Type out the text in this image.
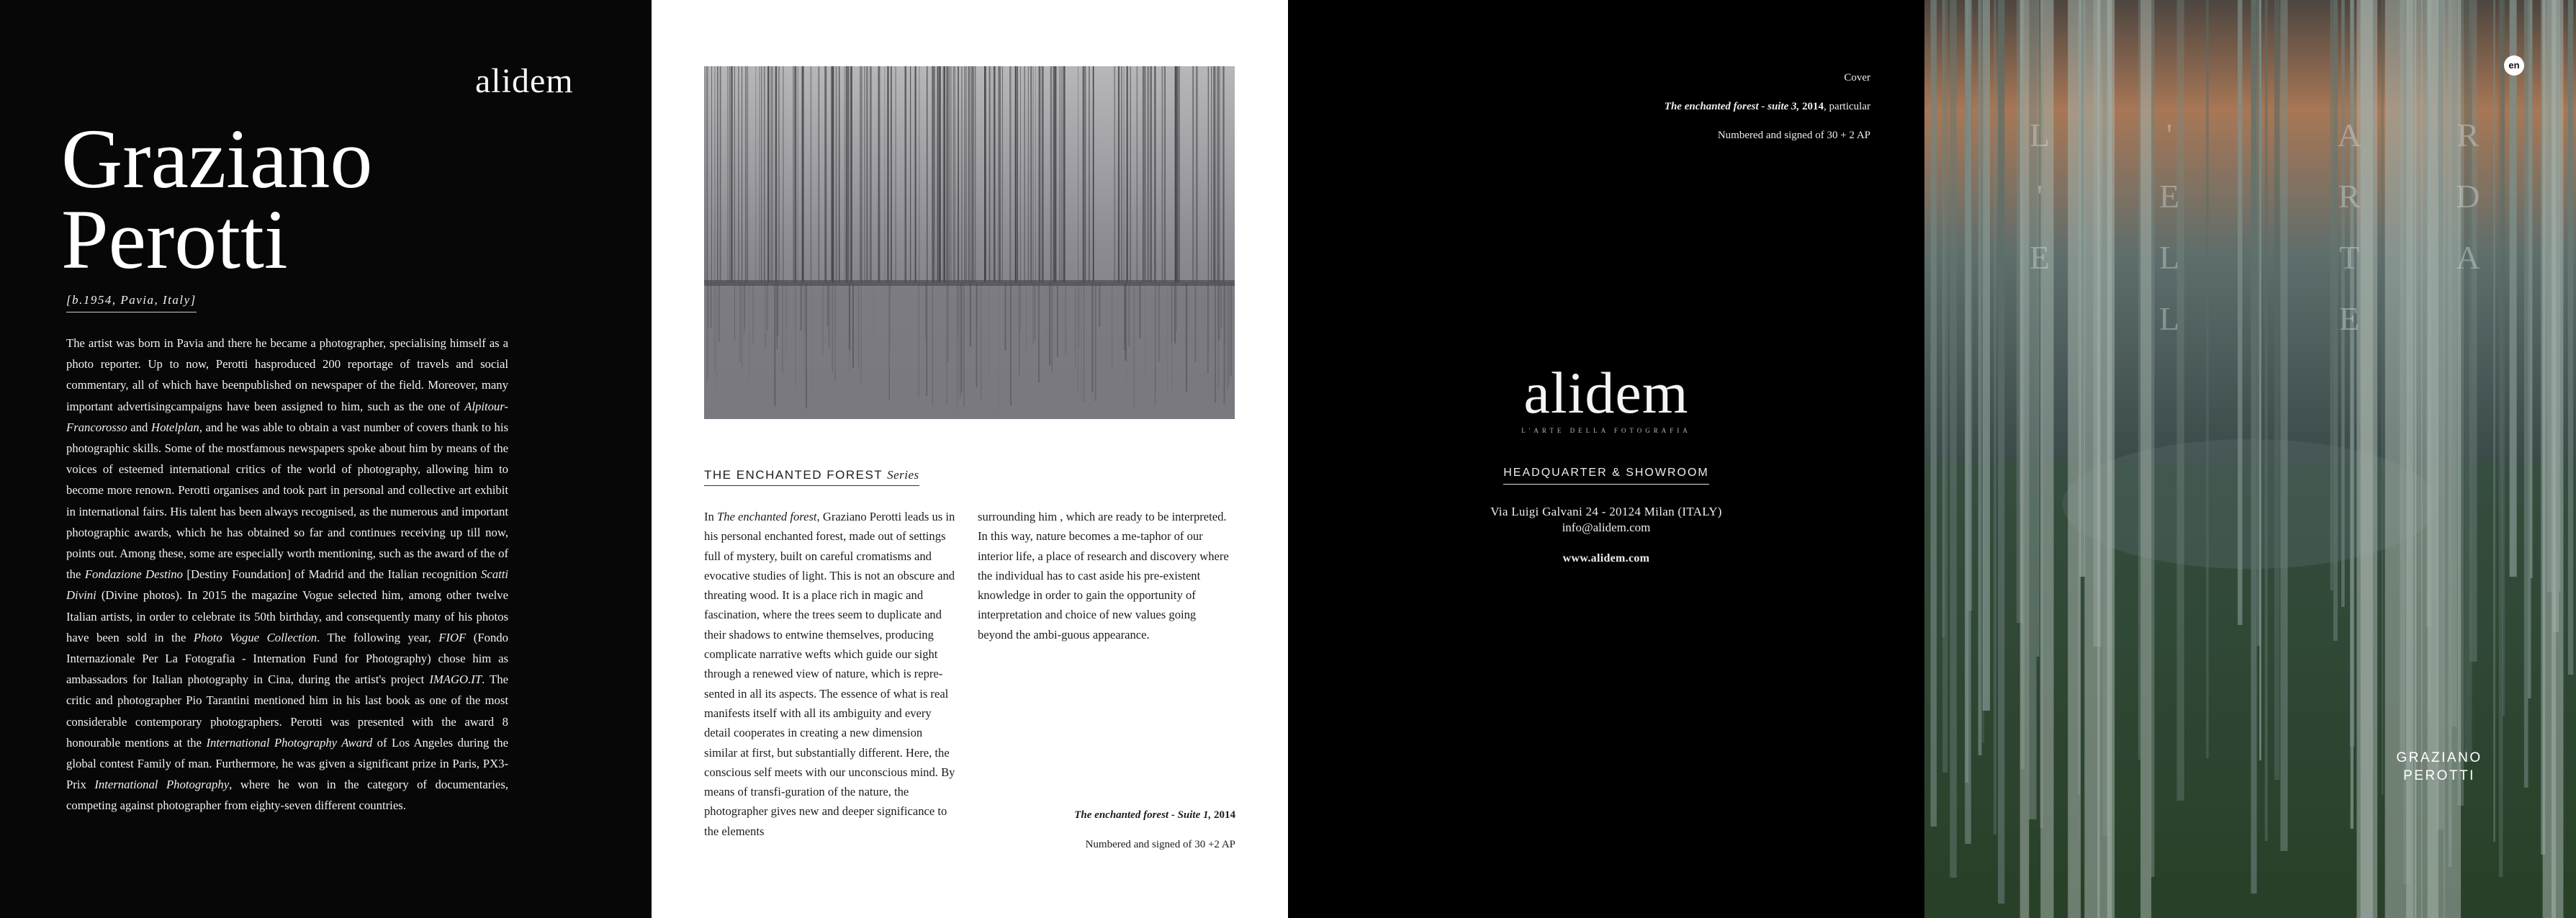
alidem
Graziano
Perotti
[b.1954, Pavia, Italy]

The artist was born in Pavia and there he became a photographer, specialising himself as a photo reporter. Up to now, Perotti hasproduced 200 reportage of travels and social commentary, all of which have beenpublished on newspaper of the field. Moreover, many important advertisingcampaigns have been assigned to him, such as the one of Alpitour-Francorosso and Hotelplan, and he was able to obtain a vast number of covers thank to his photographic skills. Some of the mostfamous newspapers spoke about him by means of the voices of esteemed international critics of the world of photography, allowing him to become more renown. Perotti organises and took part in personal and collective art exhibit in international fairs. His talent has been always recognised, as the numerous and important photographic awards, which he has obtained so far and continues receiving up till now, points out. Among these, some are especially worth mentioning, such as the award of the of the Fondazione Destino [Destiny Foundation] of Madrid and the Italian recognition Scatti Divini (Divine photos). In 2015 the magazine Vogue selected him, among other twelve Italian artists, in order to celebrate its 50th birthday, and consequently many of his photos have been sold in the Photo Vogue Collection. The following year, FIOF (Fondo Internazionale Per La Fotografia - Internation Fund for Photography) chose him as ambassadors for Italian photography in Cina, during the artist's project IMAGO.IT. The critic and photographer Pio Tarantini mentioned him in his last book as one of the most considerable contemporary photographers. Perotti was presented with the award 8 honourable mentions at the International Photography Award of Los Angeles during the global contest Family of man. Furthermore, he was given a significant prize in Paris, PX3-Prix International Photography, where he won in the category of documentaries, competing against photographer from eighty-seven different countries.

THE ENCHANTED FOREST Series

In The enchanted forest, Graziano Perotti leads us in his personal enchanted forest, made out of settings full of mystery, built on careful cromatisms and evocative studies of light. This is not an obscure and threating wood. It is a place rich in magic and fascination, where the trees seem to duplicate and their shadows to entwine themselves, producing complicate narrative wefts which guide our sight through a renewed view of nature, which is repre-sented in all its aspects. The essence of what is real manifests itself with all its ambiguity and every detail cooperates in creating a new dimension similar at first, but substantially different. Here, the conscious self meets with our unconscious mind. By means of transfi-guration of the nature, the photographer gives new and deeper significance to the elements

surrounding him , which are ready to be interpreted. In this way, nature becomes a me-taphor of our interior life, a place of research and discovery where the individual has to cast aside his pre-existent knowledge in order to gain the opportunity of interpretation and choice of new values going beyond the ambi-guous appearance.

The enchanted forest - Suite 1, 2014
Numbered and signed of 30 +2 AP
Cover
The enchanted forest - suite 3, 2014, particular
Numbered and signed of 30 + 2 AP
alidem
L'ARTE DELLA FOTOGRAFIA
HEADQUARTER & SHOWROOM
Via Luigi Galvani 24 - 20124 Milan (ITALY)
info@alidem.com
www.alidem.com
L
'
E

'
E
L
L

A
R
T
E

R
D
A

en
GRAZIANO
PEROTTI
